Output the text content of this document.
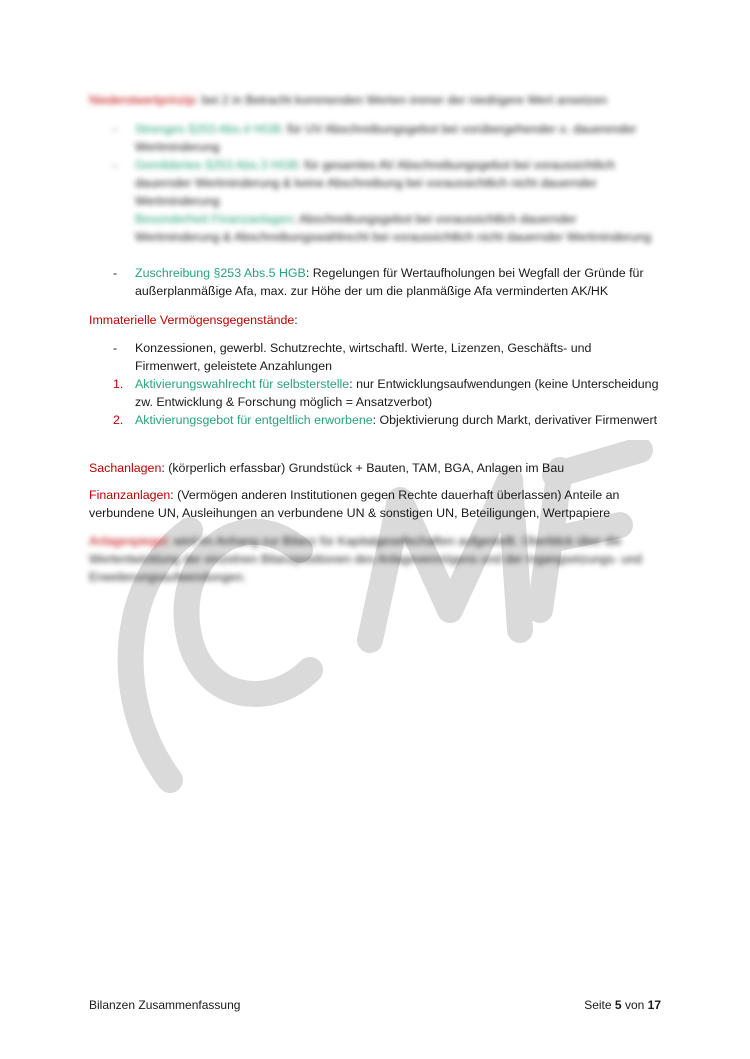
Niederstwertprinzip: bei 2 in Betracht kommenden Werten immer der niedrigere Wert ansetzen
-	Strenges §253 Abs.4 HGB: für UV Abschreibungsgebot bei vorübergehender o. dauerender Wertminderung
-	Gemildertes §253 Abs.3 HGB: für gesamtes AV Abschreibungsgebot bei voraussichtlich dauernder Wertminderung & keine Abschreibung bei voraussichtlich nicht dauernder Wertminderung
Besonderheit Finanzanlagen: Abschreibungsgebot bei voraussichtlich dauernder Wertminderung & Abschreibungswahlrecht bei voraussichtlich nicht dauernder Wertminderung
-	Zuschreibung §253 Abs.5 HGB: Regelungen für Wertaufholungen bei Wegfall der Gründe für außerplanmäßige Afa, max. zur Höhe der um die planmäßige Afa verminderten AK/HK
Immaterielle Vermögensgegenstände:
-	Konzessionen, gewerbl. Schutzrechte, wirtschaftl. Werte, Lizenzen, Geschäfts- und Firmenwert, geleistete Anzahlungen
1. Aktivierungswahlrecht für selbsterstelle: nur Entwicklungsaufwendungen (keine Unterscheidung zw. Entwicklung & Forschung möglich = Ansatzverbot)
2. Aktivierungsgebot für entgeltlich erworbene: Objektivierung durch Markt, derivativer Firmenwert
Sachanlagen: (körperlich erfassbar) Grundstück + Bauten, TAM, BGA, Anlagen im Bau
Finanzanlagen: (Vermögen anderen Institutionen gegen Rechte dauerhaft überlassen) Anteile an verbundene UN, Ausleihungen an verbundene UN & sonstigen UN, Beteiligungen, Wertpapiere
Anlagespiegel: wird im Anhang zur Bilanz für Kapitalgesellschaften aufgestellt. Überblick über die Wertentwicklung der einzelnen Bilanzpositionen des Anlagevermögens und der Ingangsetzungs- und Erweiterungsaufwendungen.
Bilanzen Zusammenfassung	Seite 5 von 17
